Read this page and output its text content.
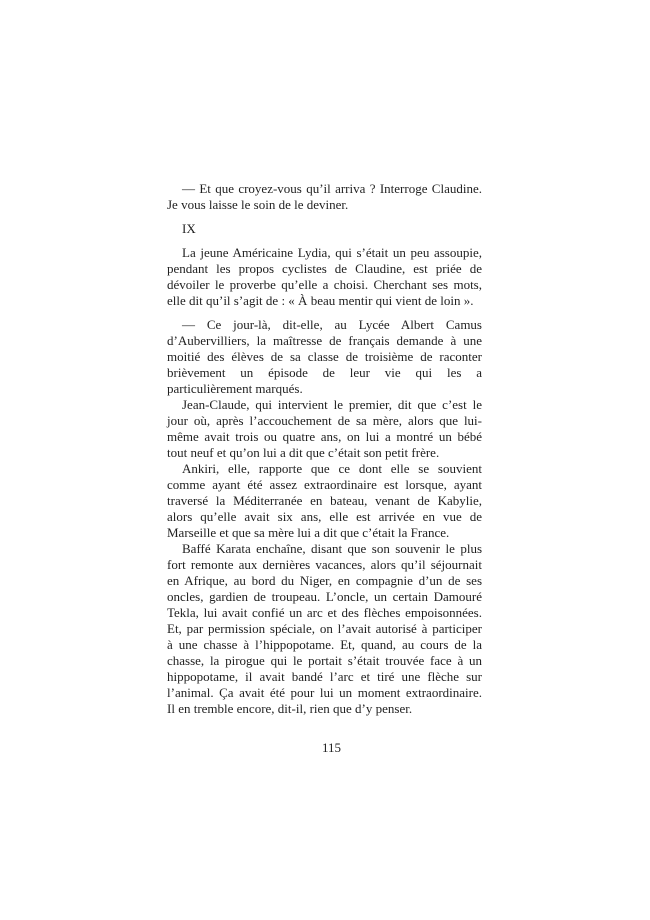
— Et que croyez-vous qu’il arriva ? Interroge Claudine.
Je vous laisse le soin de le deviner.
IX
La jeune Américaine Lydia, qui s’était un peu assoupie,
pendant les propos cyclistes de Claudine, est priée de
dévoiler le proverbe qu’elle a choisi. Cherchant ses mots,
elle dit qu’il s’agit de : « À beau mentir qui vient de loin ».
— Ce jour-là, dit-elle, au Lycée Albert Camus
d’Aubervilliers, la maîtresse de français demande à une
moitié des élèves de sa classe de troisième de raconter
brièvement un épisode de leur vie qui les a
particulièrement marqués.
Jean-Claude, qui intervient le premier, dit que c’est le
jour où, après l’accouchement de sa mère, alors que lui-
même avait trois ou quatre ans, on lui a montré un bébé
tout neuf et qu’on lui a dit que c’était son petit frère.
Ankiri, elle, rapporte que ce dont elle se souvient
comme ayant été assez extraordinaire est lorsque, ayant
traversé la Méditerranée en bateau, venant de Kabylie,
alors qu’elle avait six ans, elle est arrivée en vue de
Marseille et que sa mère lui a dit que c’était la France.
Baffé Karata enchaîne, disant que son souvenir le plus
fort remonte aux dernières vacances, alors qu’il séjournait
en Afrique, au bord du Niger, en compagnie d’un de ses
oncles, gardien de troupeau. L’oncle, un certain Damouré
Tekla, lui avait confié un arc et des flèches empoisonnées.
Et, par permission spéciale, on l’avait autorisé à participer
à une chasse à l’hippopotame. Et, quand, au cours de la
chasse, la pirogue qui le portait s’était trouvée face à un
hippopotame, il avait bandé l’arc et tiré une flèche sur
l’animal. Ça avait été pour lui un moment extraordinaire.
Il en tremble encore, dit-il, rien que d’y penser.
115
